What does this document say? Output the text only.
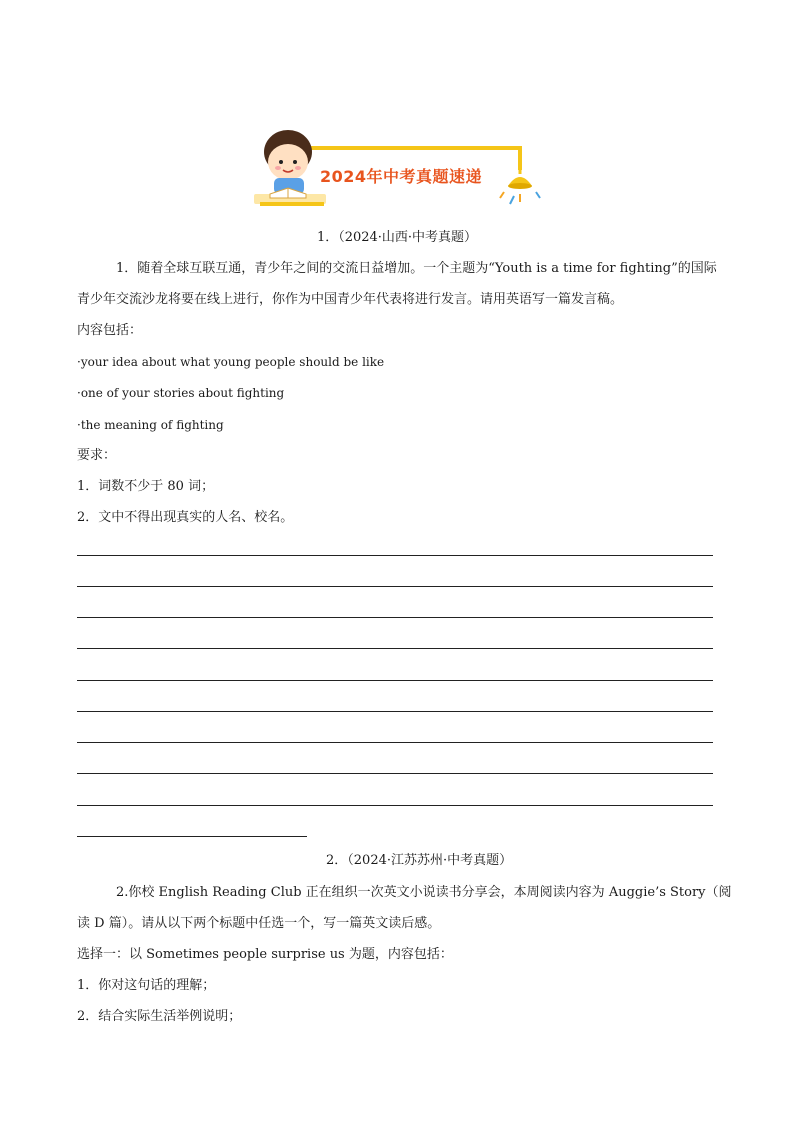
2024年中考真题速递
1．（2024·山西·中考真题）
1．随着全球互联互通，青少年之间的交流日益增加。一个主题为“Youth is a time for fighting”的国际
青少年交流沙龙将要在线上进行，你作为中国青少年代表将进行发言。请用英语写一篇发言稿。
内容包括：
·your idea about what young people should be like
·one of your stories about fighting
·the meaning of fighting
要求：
1．词数不少于 80 词；
2．文中不得出现真实的人名、校名。
2．（2024·江苏苏州·中考真题）
2.你校 English Reading Club 正在组织一次英文小说读书分享会，本周阅读内容为 Auggie’s Story（阅
读 D 篇）。请从以下两个标题中任选一个，写一篇英文读后感。
选择一：以 Sometimes people surprise us 为题，内容包括：
1．你对这句话的理解；
2．结合实际生活举例说明；
